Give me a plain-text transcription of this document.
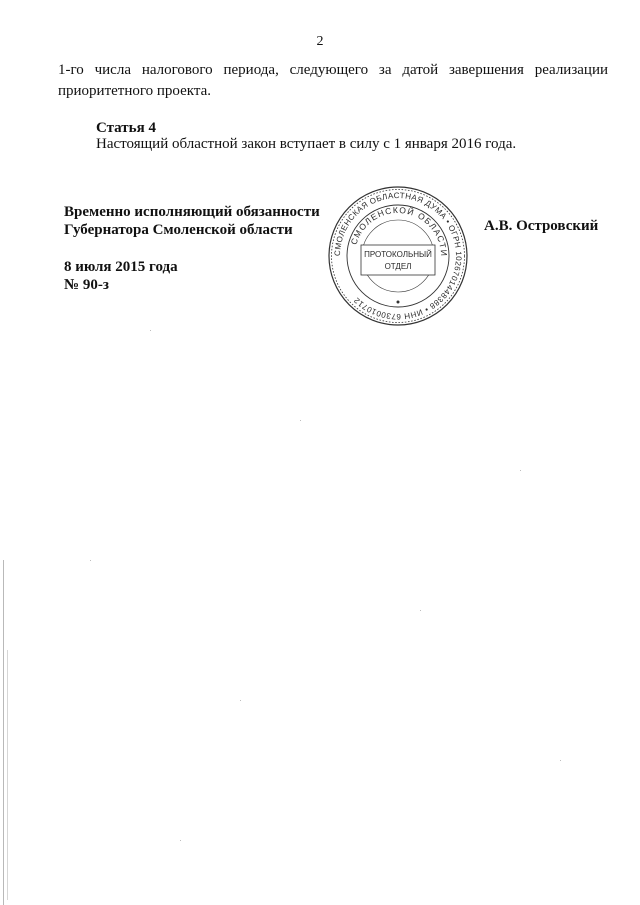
2
1-го числа налогового периода, следующего за датой завершения реализации приоритетного проекта.
Статья 4
Настоящий областной закон вступает в силу с 1 января 2016 года.
Временно исполняющий обязанности
Губернатора Смоленской области	А.В. Островский
8 июля 2015 года
№ 90-з
СМОЛЕНСКАЯ ОБЛАСТНАЯ ДУМА • ОГРН 1026701448388 • ИНН 6730010712
СМОЛЕНСКОЙ ОБЛАСТИ
ПРОТОКОЛЬНЫЙ
ОТДЕЛ
